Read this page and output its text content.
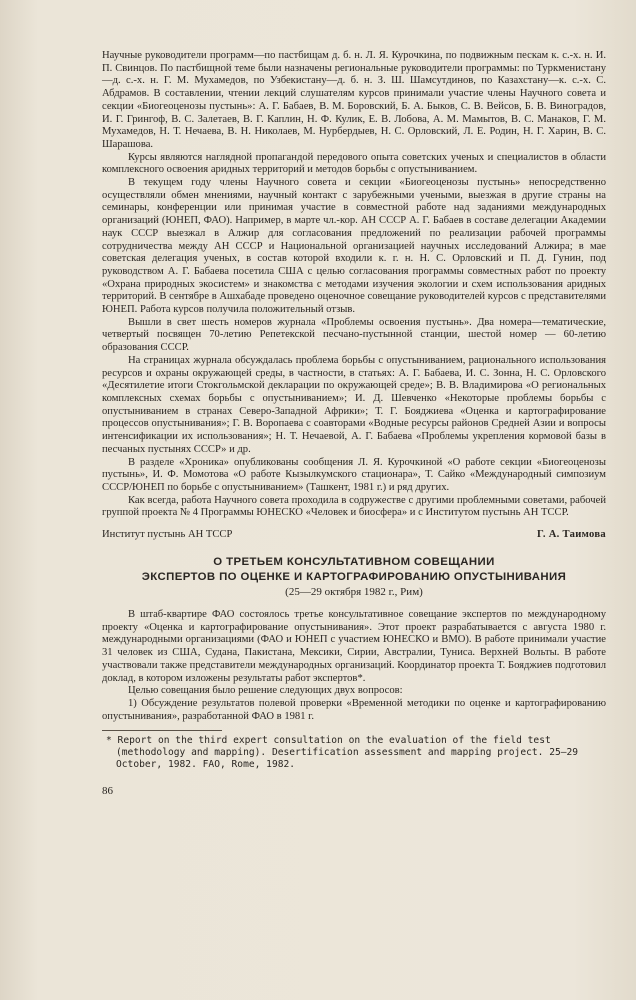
Научные руководители программ—по пастбищам д. б. н. Л. Я. Курочкина, по подвижным пескам к. с.-х. н. И. П. Свинцов. По пастбищной теме были назначены региональные руководители программы: по Туркменистану—д. с.-х. н. Г. М. Мухамедов, по Узбекистану—д. б. н. З. Ш. Шамсутдинов, по Казахстану—к. с.-х. С. Абдрамов. В составлении, чтении лекций слушателям курсов принимали участие члены Научного совета и секции «Биогеоценозы пустынь»: А. Г. Бабаев, В. М. Боровский, Б. А. Быков, С. В. Вейсов, Б. В. Виноградов, И. Г. Грингоф, В. С. Залетаев, В. Г. Каплин, Н. Ф. Кулик, Е. В. Лобова, А. М. Мамытов, В. С. Манаков, Г. М. Мухамедов, Н. Т. Нечаева, В. Н. Николаев, М. Нурбердыев, Н. С. Орловский, Л. Е. Родин, Н. Г. Харин, В. С. Шарашова.

Курсы являются наглядной пропагандой передового опыта советских ученых и специалистов в области комплексного освоения аридных территорий и методов борьбы с опустыниванием.

В текущем году члены Научного совета и секции «Биогеоценозы пустынь» непосредственно осуществляли обмен мнениями, научный контакт с зарубежными учеными, выезжая в другие страны на семинары, конференции или принимая участие в совместной работе над заданиями международных организаций (ЮНЕП, ФАО). Например, в марте чл.-кор. АН СССР А. Г. Бабаев в составе делегации Академии наук СССР выезжал в Алжир для согласования предложений по реализации рабочей программы сотрудничества между АН СССР и Национальной организацией научных исследований Алжира; в мае советская делегация ученых, в состав которой входили к. г. н. Н. С. Орловский и П. Д. Гунин, под руководством А. Г. Бабаева посетила США с целью согласования программы совместных работ по проекту «Охрана природных экосистем» и знакомства с методами изучения экологии и схем использования аридных территорий. В сентябре в Ашхабаде проведено оценочное совещание руководителей курсов с представителями ЮНЕП. Работа курсов получила положительный отзыв.

Вышли в свет шесть номеров журнала «Проблемы освоения пустынь». Два номера—тематические, четвертый посвящен 70-летию Репетекской песчано-пустынной станции, шестой номер — 60-летию образования СССР.

На страницах журнала обсуждалась проблема борьбы с опустыниванием, рационального использования ресурсов и охраны окружающей среды, в частности, в статьях: А. Г. Бабаева, И. С. Зонна, Н. С. Орловского «Десятилетие итоги Стокгольмской декларации по окружающей среде»; В. В. Владимирова «О региональных комплексных схемах борьбы с опустыниванием»; И. Д. Шевченко «Некоторые проблемы борьбы с опустыниванием в странах Северо-Западной Африки»; Т. Г. Бояджиева «Оценка и картографирование процессов опустынивания»; Г. В. Воропаева с соавторами «Водные ресурсы районов Средней Азии и вопросы интенсификации их использования»; Н. Т. Нечаевой, А. Г. Бабаева «Проблемы укрепления кормовой базы в песчаных пустынях СССР» и др.

В разделе «Хроника» опубликованы сообщения Л. Я. Курочкиной «О работе секции «Биогеоценозы пустынь», И. Ф. Момотова «О работе Кызылкумского стационара», Т. Сайко «Международный симпозиум СССР/ЮНЕП по борьбе с опустыниванием» (Ташкент, 1981 г.) и ряд других.

Как всегда, работа Научного совета проходила в содружестве с другими проблемными советами, рабочей группой проекта № 4 Программы ЮНЕСКО «Человек и биосфера» и с Институтом пустынь АН ТССР.

Институт пустынь АН ТССР	Г. А. Таимова
О ТРЕТЬЕМ КОНСУЛЬТАТИВНОМ СОВЕЩАНИИ
ЭКСПЕРТОВ ПО ОЦЕНКЕ И КАРТОГРАФИРОВАНИЮ ОПУСТЫНИВАНИЯ
(25—29 октября 1982 г., Рим)

В штаб-квартире ФАО состоялось третье консультативное совещание экспертов по международному проекту «Оценка и картографирование опустынивания». Этот проект разрабатывается с августа 1980 г. международными организациями (ФАО и ЮНЕП с участием ЮНЕСКО и ВМО). В работе принимали участие 31 человек из США, Судана, Пакистана, Мексики, Сирии, Австралии, Туниса. Верхней Вольты. В работе участвовали также представители международных организаций. Координатор проекта Т. Бояджиев подготовил доклад, в котором изложены результаты работ экспертов*.

Целью совещания было решение следующих двух вопросов:

1) Обсуждение результатов полевой проверки «Временной методики по оценке и картографированию опустынивания», разработанной ФАО в 1981 г.

* Report on the third expert consultation on the evaluation of the field test (methodology and mapping). Desertification assessment and mapping project. 25—29 October, 1982. FAO, Rome, 1982.
86
